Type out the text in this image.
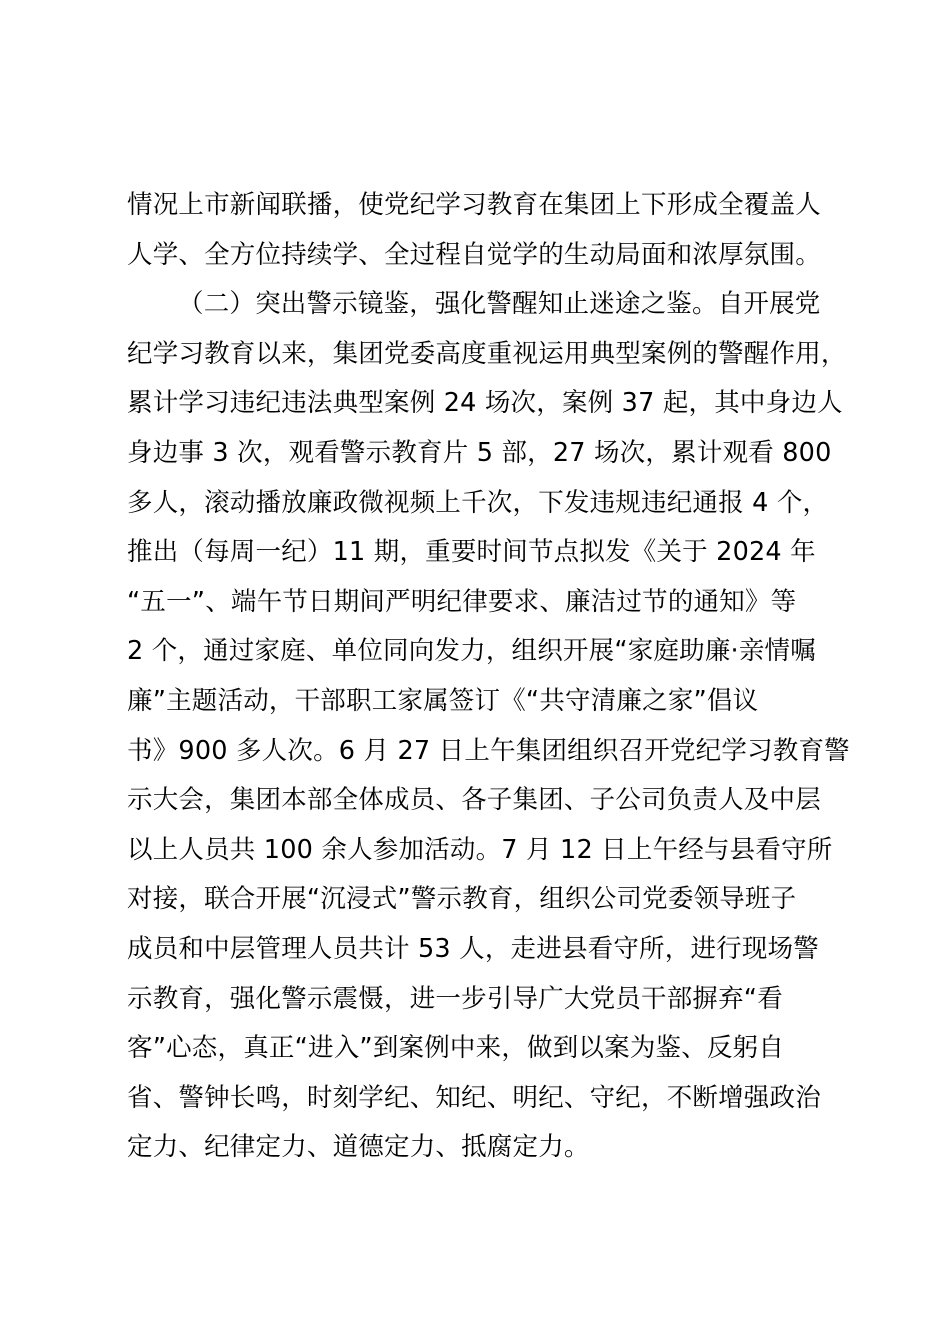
情况上市新闻联播，使党纪学习教育在集团上下形成全覆盖人
人学、全方位持续学、全过程自觉学的生动局面和浓厚氛围。
（二）突出警示镜鉴，强化警醒知止迷途之鉴。自开展党
纪学习教育以来，集团党委高度重视运用典型案例的警醒作用，
累计学习违纪违法典型案例 24 场次，案例 37 起，其中身边人
身边事 3 次，观看警示教育片 5 部，27 场次，累计观看 800
多人，滚动播放廉政微视频上千次，下发违规违纪通报 4 个，
推出（每周一纪）11 期，重要时间节点拟发《关于 2024 年
“五一”、端午节日期间严明纪律要求、廉洁过节的通知》等
2 个，通过家庭、单位同向发力，组织开展“家庭助廉·亲情嘱
廉”主题活动，干部职工家属签订《“共守清廉之家”倡议
书》900 多人次。6 月 27 日上午集团组织召开党纪学习教育警
示大会，集团本部全体成员、各子集团、子公司负责人及中层
以上人员共 100 余人参加活动。7 月 12 日上午经与县看守所
对接，联合开展“沉浸式”警示教育，组织公司党委领导班子
成员和中层管理人员共计 53 人，走进县看守所，进行现场警
示教育，强化警示震慑，进一步引导广大党员干部摒弃“看
客”心态，真正“进入”到案例中来，做到以案为鉴、反躬自
省、警钟长鸣，时刻学纪、知纪、明纪、守纪，不断增强政治
定力、纪律定力、道德定力、抵腐定力。
